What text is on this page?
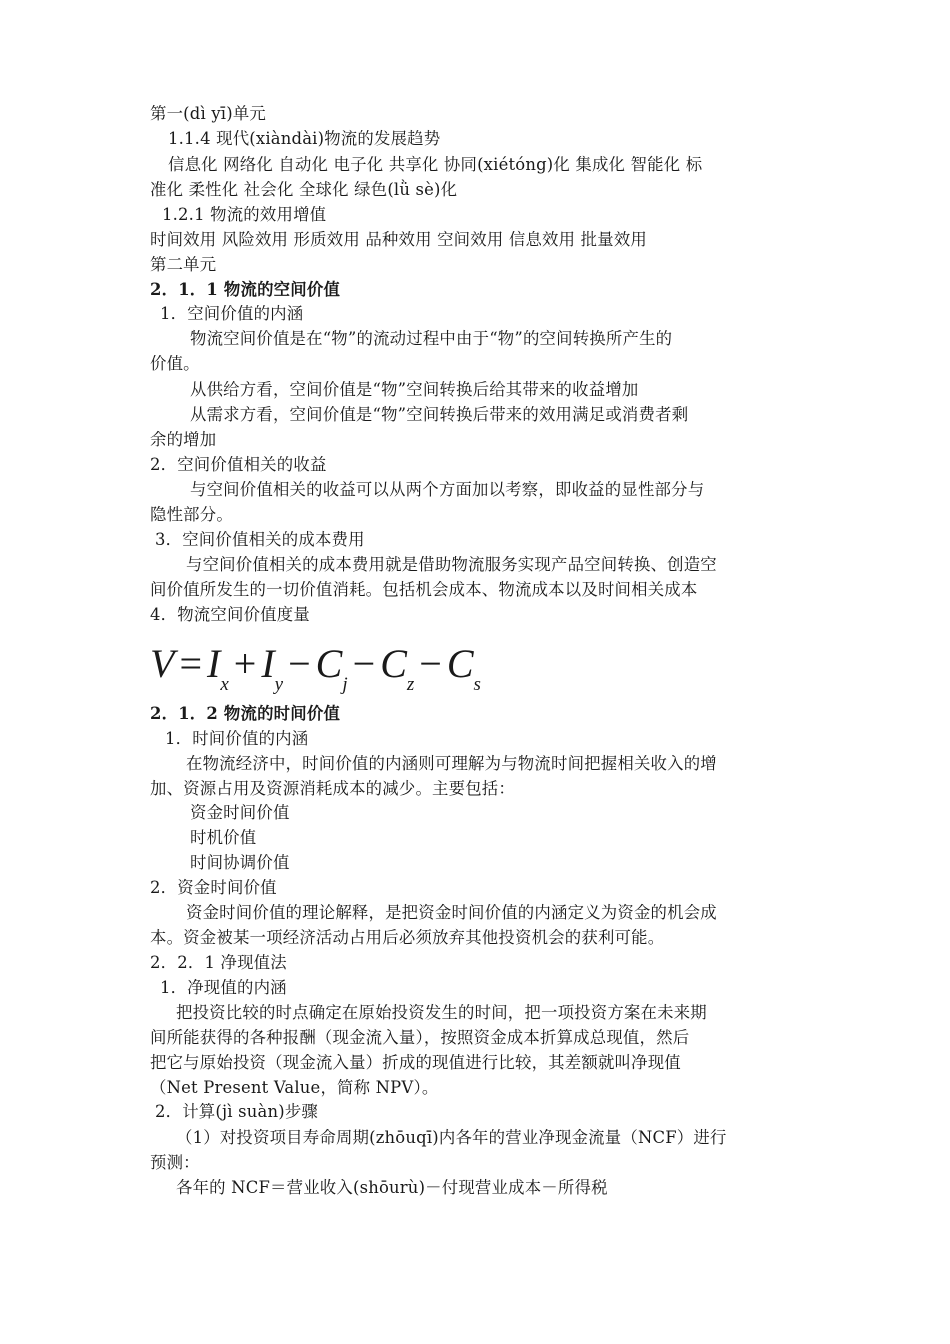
第一(dì yī)单元
1.1.4 现代(xiàndài)物流的发展趋势
信息化 网络化 自动化 电子化 共享化 协同(xiétóng)化 集成化 智能化 标
准化 柔性化 社会化 全球化 绿色(lǜ sè)化
1.2.1 物流的效用增值
时间效用 风险效用 形质效用 品种效用 空间效用 信息效用 批量效用
第二单元
2．1．1 物流的空间价值
1．空间价值的内涵
物流空间价值是在“物”的流动过程中由于“物”的空间转换所产生的
价值。
从供给方看，空间价值是“物”空间转换后给其带来的收益增加
从需求方看，空间价值是“物”空间转换后带来的效用满足或消费者剩
余的增加
2．空间价值相关的收益
与空间价值相关的收益可以从两个方面加以考察，即收益的显性部分与
隐性部分。
3．空间价值相关的成本费用
与空间价值相关的成本费用就是借助物流服务实现产品空间转换、创造空
间价值所发生的一切价值消耗。包括机会成本、物流成本以及时间相关成本
4．物流空间价值度量
$V = I_x + I_y - C_j - C_z - C_s$
2．1．2 物流的时间价值
1．时间价值的内涵
在物流经济中，时间价值的内涵则可理解为与物流时间把握相关收入的增
加、资源占用及资源消耗成本的减少。主要包括：
资金时间价值
时机价值
时间协调价值
2．资金时间价值
资金时间价值的理论解释，是把资金时间价值的内涵定义为资金的机会成
本。资金被某一项经济活动占用后必须放弃其他投资机会的获利可能。
2．2．1 净现值法
1．净现值的内涵
把投资比较的时点确定在原始投资发生的时间，把一项投资方案在未来期
间所能获得的各种报酬（现金流入量），按照资金成本折算成总现值，然后
把它与原始投资（现金流入量）折成的现值进行比较，其差额就叫净现值
（Net Present Value，简称 NPV）。
2．计算(jì suàn)步骤
（1）对投资项目寿命周期(zhōuqī)内各年的营业净现金流量（NCF）进行
预测：
各年的 NCF＝营业收入(shōurù)－付现营业成本－所得税
